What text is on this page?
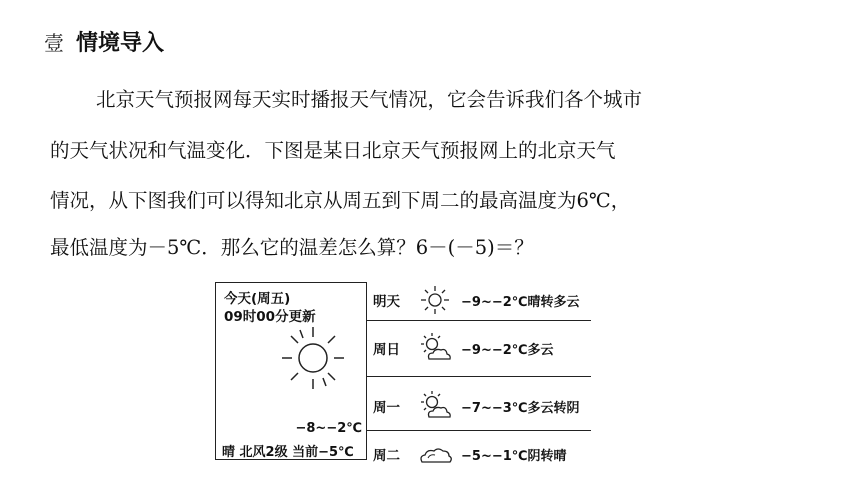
壹 情境导入
北京天气预报网每天实时播报天气情况，它会告诉我们各个城市
的天气状况和气温变化．下图是某日北京天气预报网上的北京天气
情况，从下图我们可以得知北京从周五到下周二的最高温度为6℃，
最低温度为－5℃．那么它的温差怎么算？6－(－5)＝？
今天(周五)
09时00分更新
−8~−2℃
晴 北风2级 当前−5℃
明天	−9~−2℃晴转多云
周日	−9~−2℃多云
周一	−7~−3℃多云转阴
周二	−5~−1℃阴转晴
